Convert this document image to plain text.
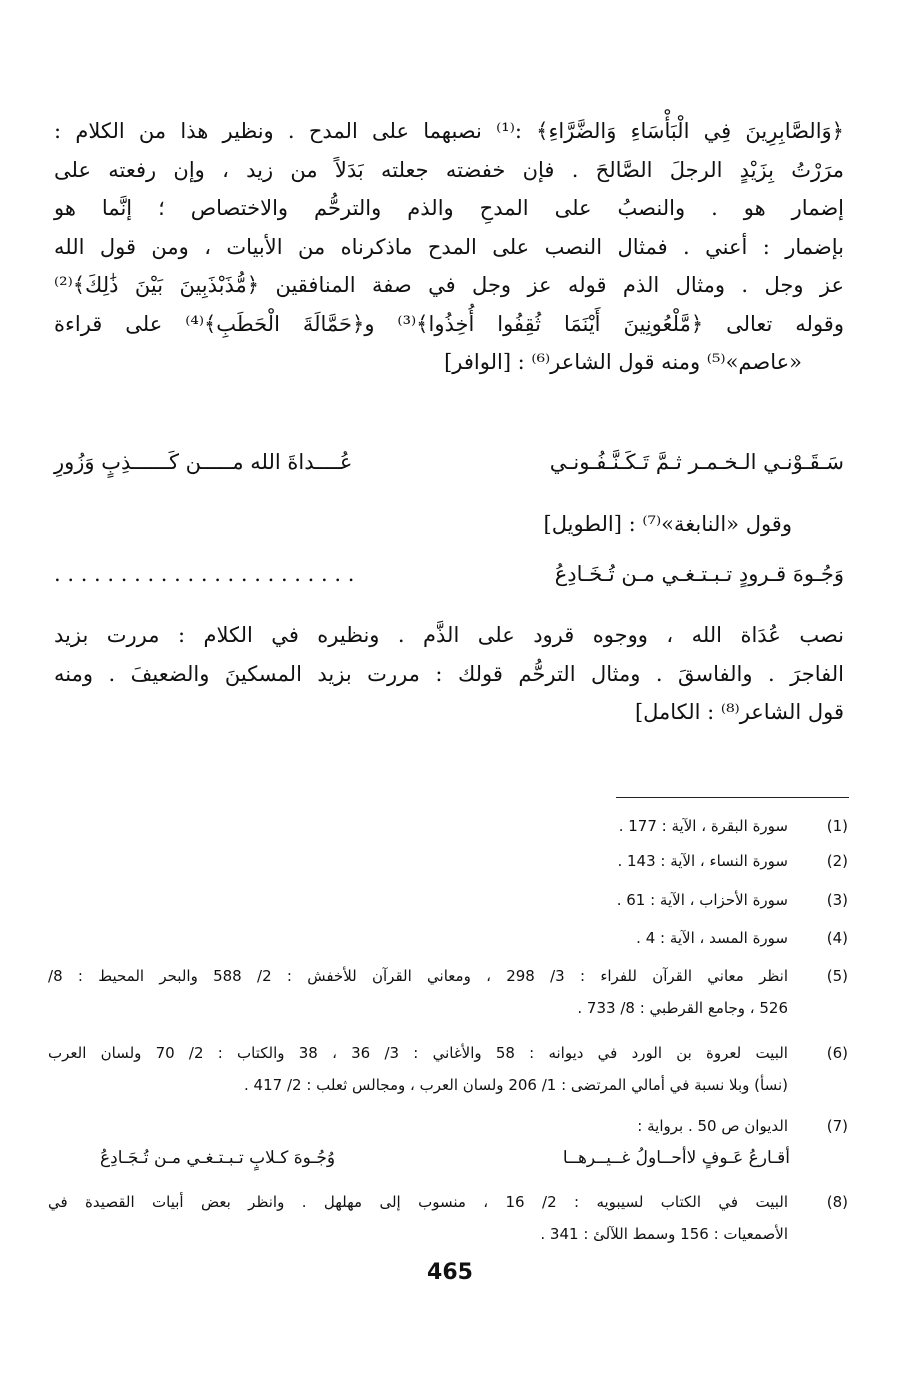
﴿وَالصَّابِرِينَ فِي الْبَأْسَاءِ وَالضَّرَّاءِ﴾ :⁽¹⁾ نصبهما على المدح . ونظير هذا من الكلام :
مرَرْتُ بِزَيْدٍ الرجلَ الصَّالحَ . فإن خفضته جعلته بَدَلاً من زيد ، وإن رفعته على
إضمار هو . والنصبُ على المدحِ والذم والترحُّم والاختصاص ؛ إنَّما هو
بإضمار : أعني . فمثال النصب على المدح ماذكرناه من الأبيات ، ومن قول الله
عز وجل . ومثال الذم قوله عز وجل في صفة المنافقين ﴿مُّذَبْذَبِينَ بَيْنَ ذَٰلِكَ﴾⁽²⁾
وقوله تعالى ﴿مَّلْعُونِينَ أَيْنَمَا ثُقِفُوا أُخِذُوا﴾⁽³⁾ و﴿حَمَّالَةَ الْحَطَبِ﴾⁽⁴⁾ على قراءة
«عاصم»⁽⁵⁾ ومنه قول الشاعر⁽⁶⁾ : [الوافر]
سَـقَـوْنـي الـخـمـر ثـمَّ تَـكَـنَّـفُـونـي
عُــــداةَ الله مـــــن كَــــــذِبٍ وَزُورِ
وقول «النابغة»⁽⁷⁾ : [الطويل]
. . . . . . . . . . . . . . . . . . . . . . .	وَجُـوهَ قـرودٍ تـبـتـغـي مـن تُـخَـادِعُ
نصب عُدَاة الله ، ووجوه قرود على الذَّم . ونظيره في الكلام : مررت بزيد
الفاجرَ . والفاسقَ . ومثال الترحُّم قولك : مررت بزيد المسكينَ والضعيفَ . ومنه
قول الشاعر⁽⁸⁾ : الكامل]
(1)
سورة البقرة ، الآية : 177 .
(2)
سورة النساء ، الآية : 143 .
(3)
سورة الأحزاب ، الآية : 61 .
(4)
سورة المسد ، الآية : 4 .
(5)
انظر معاني القرآن للفراء : 3/ 298 ، ومعاني القرآن للأخفش : 2/ 588 والبحر المحيط : 8/
526 ، وجامع القرطبي : 8/ 733 .
(6)
البيت لعروة بن الورد في ديوانه : 58 والأغاني : 3/ 36 ، 38 والكتاب : 2/ 70 ولسان العرب
(نسأ) وبلا نسبة في أمالي المرتضى : 1/ 206 ولسان العرب ، ومجالس ثعلب : 2/ 417 .
(7)
الديوان ص 50 . برواية :
أقـارعُ عَـوفٍ لاأحــاولُ غــيــرهــا
وُجُـوهَ كـلابٍ تـبـتـغـي مـن تُـجَـادِعُ
(8)
البيت في الكتاب لسيبويه : 2/ 16 ، منسوب إلى مهلهل . وانظر بعض أبيات القصيدة في
الأصمعيات : 156 وسمط اللآلئ : 341 .
465
